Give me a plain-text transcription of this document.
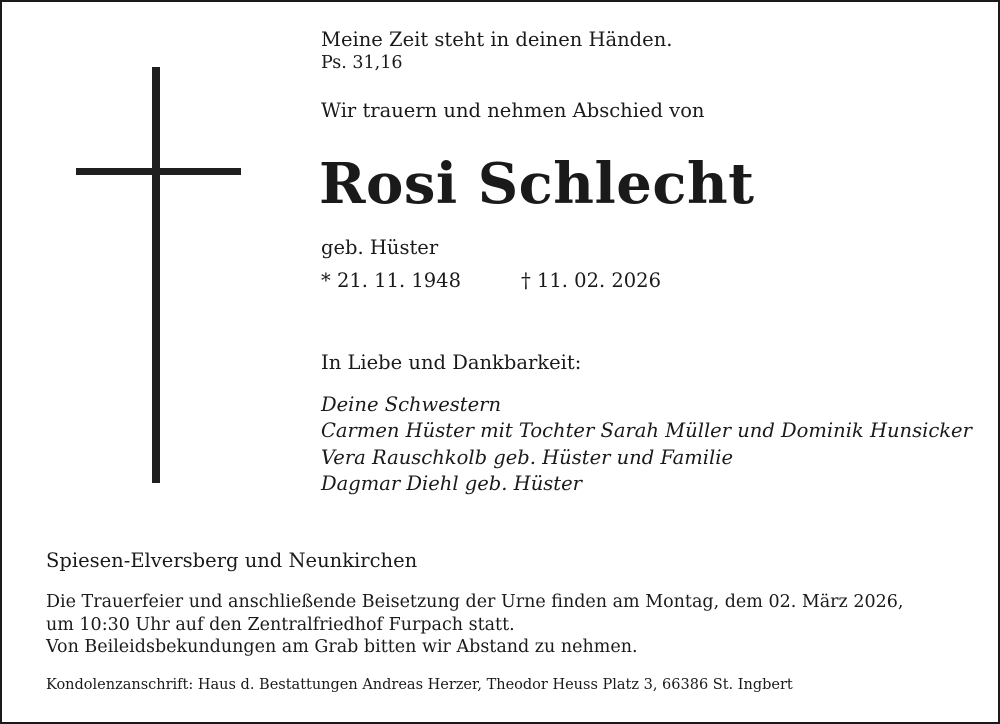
Meine Zeit steht in deinen Händen.
Ps. 31,16
Wir trauern und nehmen Abschied von
Rosi Schlecht
geb. Hüster
* 21. 11. 1948	† 11. 02. 2026
In Liebe und Dankbarkeit:
Deine Schwestern
Carmen Hüster mit Tochter Sarah Müller und Dominik Hunsicker
Vera Rauschkolb geb. Hüster und Familie
Dagmar Diehl geb. Hüster
Spiesen-Elversberg und Neunkirchen
Die Trauerfeier und anschließende Beisetzung der Urne finden am Montag, dem 02. März 2026,
um 10:30 Uhr auf den Zentralfriedhof Furpach statt.
Von Beileidsbekundungen am Grab bitten wir Abstand zu nehmen.
Kondolenzanschrift: Haus d. Bestattungen Andreas Herzer, Theodor Heuss Platz 3, 66386 St. Ingbert
